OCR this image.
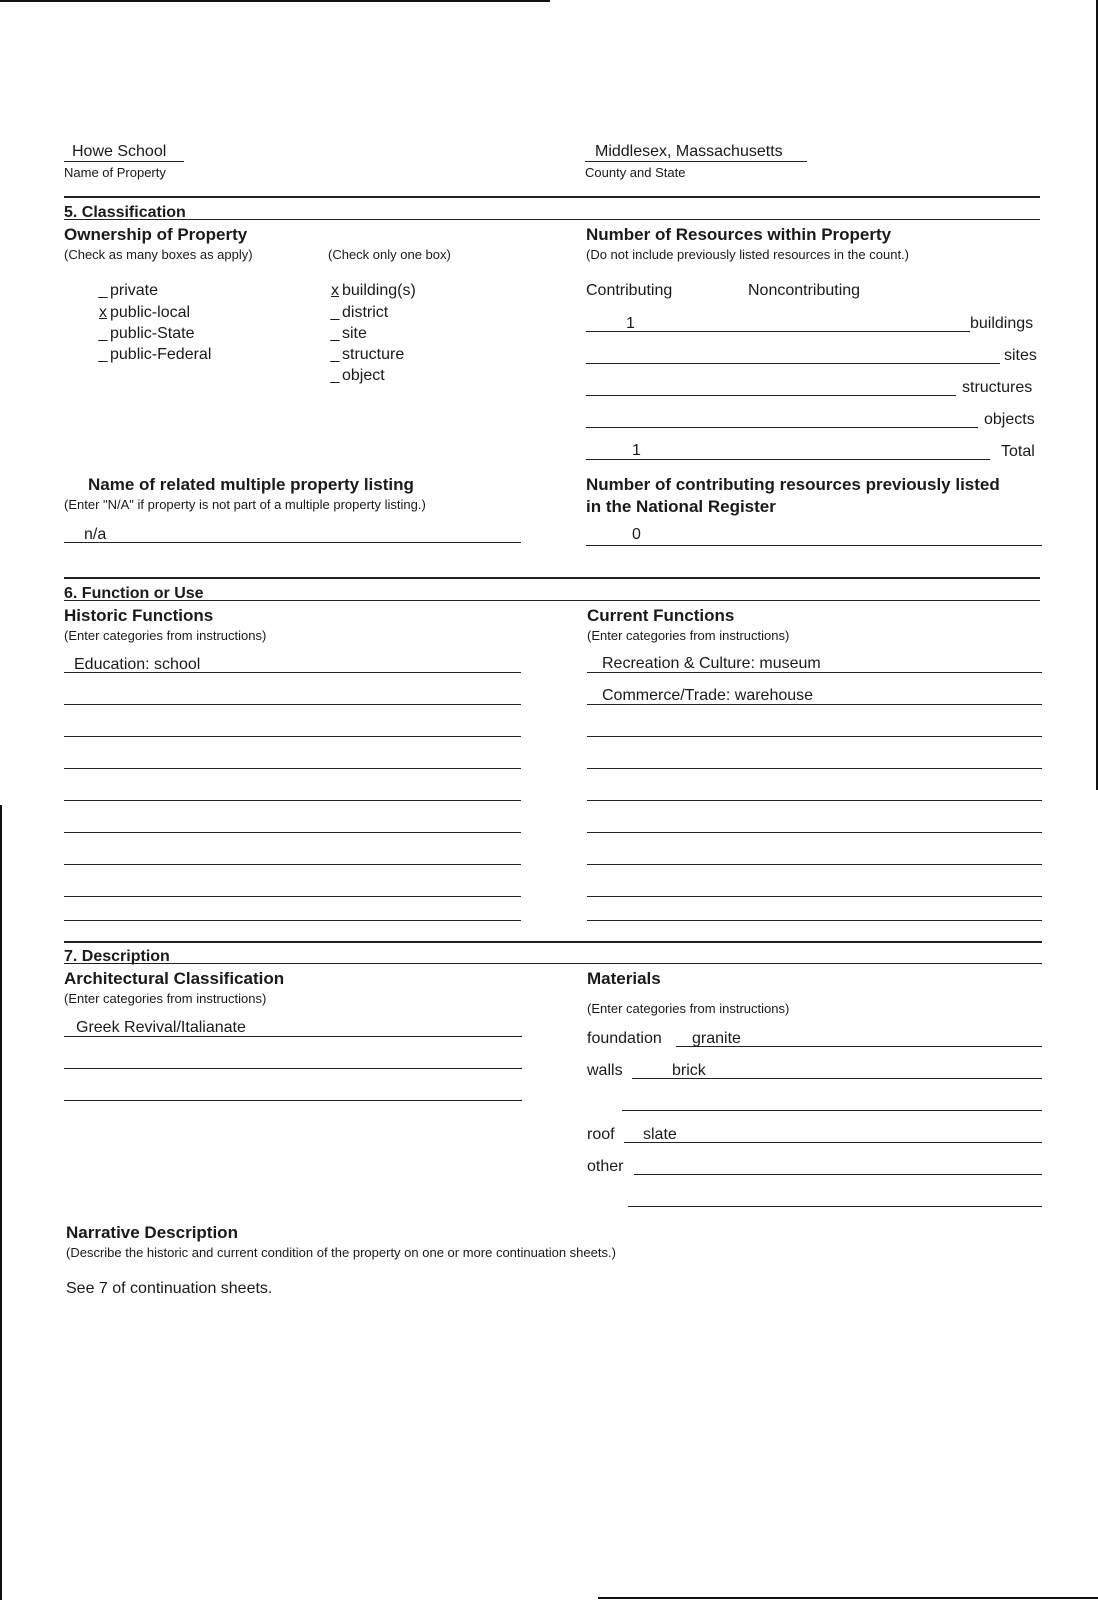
Howe School
Name of Property
Middlesex, Massachusetts
County and State
5. Classification
Ownership of Property
(Check as many boxes as apply)	(Check only one box)
_ private
x public-local
_ public-State
_ public-Federal
x building(s)
_ district
_ site
_ structure
_ object
Number of Resources within Property
(Do not include previously listed resources in the count.)
Contributing	Noncontributing
1	buildings
sites
structures
objects
1	Total
Name of related multiple property listing
(Enter "N/A" if property is not part of a multiple property listing.)
n/a
Number of contributing resources previously listed
in the National Register
0
6. Function or Use
Historic Functions
(Enter categories from instructions)
Education: school
Current Functions
(Enter categories from instructions)
Recreation & Culture: museum
Commerce/Trade: warehouse
7. Description
Architectural Classification
(Enter categories from instructions)
Greek Revival/Italianate
Materials
(Enter categories from instructions)
foundation granite
walls	brick
roof slate
other
Narrative Description
(Describe the historic and current condition of the property on one or more continuation sheets.)
See 7 of continuation sheets.
